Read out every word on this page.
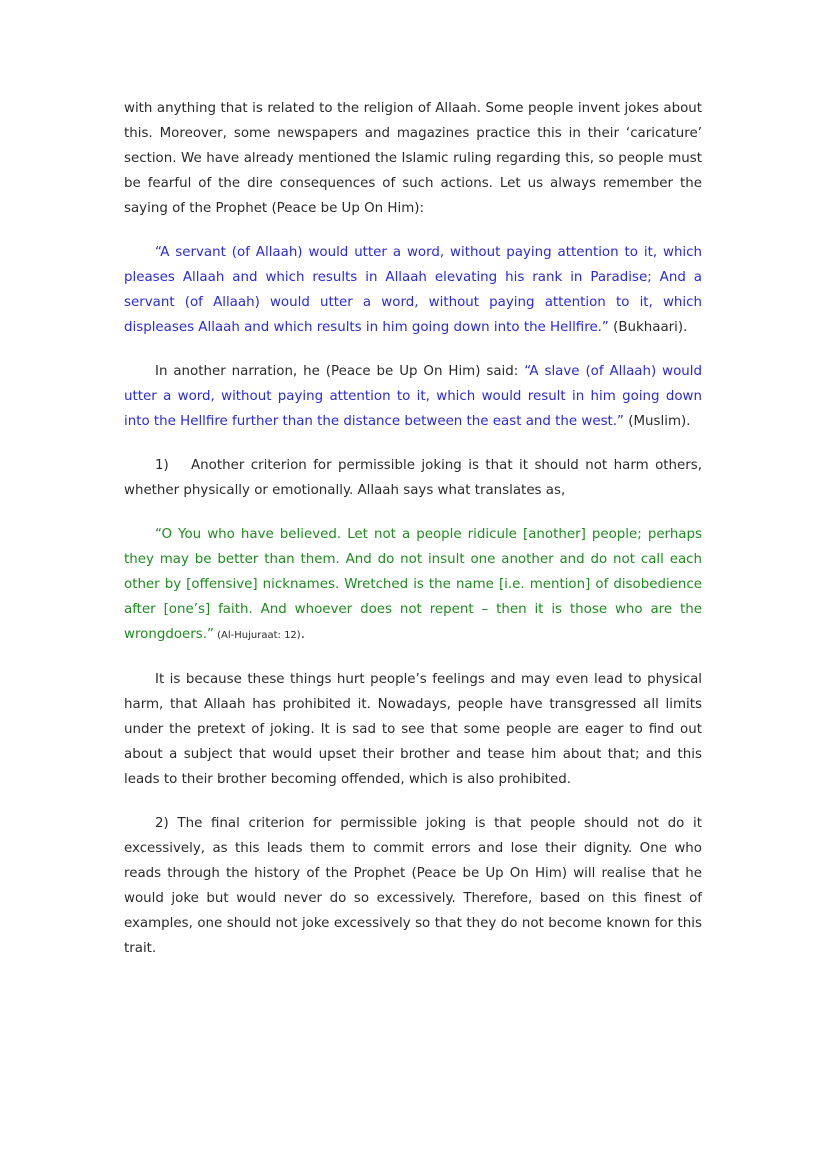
with anything that is related to the religion of Allaah. Some people invent jokes about this. Moreover, some newspapers and magazines practice this in their ‘caricature’ section. We have already mentioned the Islamic ruling regarding this, so people must be fearful of the dire consequences of such actions. Let us always remember the saying of the Prophet (Peace be Up On Him):

“A servant (of Allaah) would utter a word, without paying attention to it, which pleases Allaah and which results in Allaah elevating his rank in Paradise; And a servant (of Allaah) would utter a word, without paying attention to it, which displeases Allaah and which results in him going down into the Hellfire.” (Bukhaari).

In another narration, he (Peace be Up On Him) said: “A slave (of Allaah) would utter a word, without paying attention to it, which would result in him going down into the Hellfire further than the distance between the east and the west.” (Muslim).

1) Another criterion for permissible joking is that it should not harm others, whether physically or emotionally. Allaah says what translates as,

“O You who have believed. Let not a people ridicule [another] people; perhaps they may be better than them. And do not insult one another and do not call each other by [offensive] nicknames. Wretched is the name [i.e. mention] of disobedience after [one’s] faith. And whoever does not repent – then it is those who are the wrongdoers.” (Al-Hujuraat: 12).

It is because these things hurt people’s feelings and may even lead to physical harm, that Allaah has prohibited it. Nowadays, people have transgressed all limits under the pretext of joking. It is sad to see that some people are eager to find out about a subject that would upset their brother and tease him about that; and this leads to their brother becoming offended, which is also prohibited.

2) The final criterion for permissible joking is that people should not do it excessively, as this leads them to commit errors and lose their dignity. One who reads through the history of the Prophet (Peace be Up On Him) will realise that he would joke but would never do so excessively. Therefore, based on this finest of examples, one should not joke excessively so that they do not become known for this trait.
